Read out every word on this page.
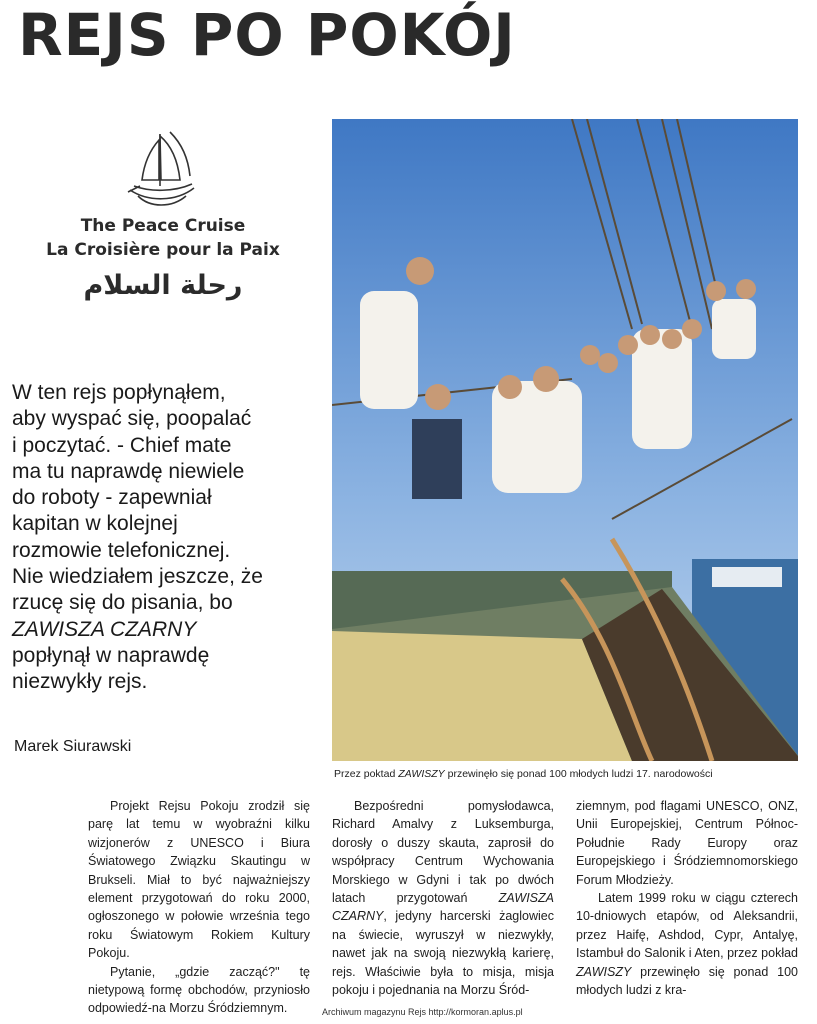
REJS PO POKÓJ
The Peace Cruise
La Croisière pour la Paix
رحلة السلام
W ten rejs popłynąłem,
aby wyspać się, poopalać
i poczytać. - Chief mate
ma tu naprawdę niewiele
do roboty - zapewniał
kapitan w kolejnej
rozmowie telefonicznej.
Nie wiedziałem jeszcze, że
rzucę się do pisania, bo
ZAWISZA CZARNY
popłynął w naprawdę
niezwykły rejs.

Marek Siurawski

Przez poktad ZAWISZY przewinęło się ponad 100 młodych ludzi 17. narodowości

Projekt Rejsu Pokoju zrodził się parę lat temu w wyobraźni kilku wizjonerów z UNESCO i Biura Światowego Związku Skautingu w Brukseli. Miał to być najważniejszy element przygotowań do roku 2000, ogłoszonego w połowie września tego roku Światowym Rokiem Kultury Pokoju.

Pytanie, „gdzie zacząć?" tę nietypową formę obchodów, przyniosło odpowiedź-na Morzu Śródziemnym.

Bezpośredni pomysłodawca, Richard Amalvy z Luksemburga, dorosły o duszy skauta, zaprosił do współpracy Centrum Wychowania Morskiego w Gdyni i tak po dwóch latach przygotowań ZAWISZA CZARNY, jedyny harcerski żaglowiec na świecie, wyruszył w niezwykły, nawet jak na swoją niezwykłą karierę, rejs. Właściwie była to misja, misja pokoju i pojednania na Morzu Śród-

ziemnym, pod flagami UNESCO, ONZ, Unii Europejskiej, Centrum Północ-Południe Rady Europy oraz Europejskiego i Śródziemnomorskiego Forum Młodzieży.

Latem 1999 roku w ciągu czterech 10-dniowych etapów, od Aleksandrii, przez Haifę, Ashdod, Cypr, Antalyę, Istambuł do Salonik i Aten, przez pokład ZAWISZY przewinęło się ponad 100 młodych ludzi z kra-

Archiwum magazynu Rejs http://kormoran.aplus.pl
